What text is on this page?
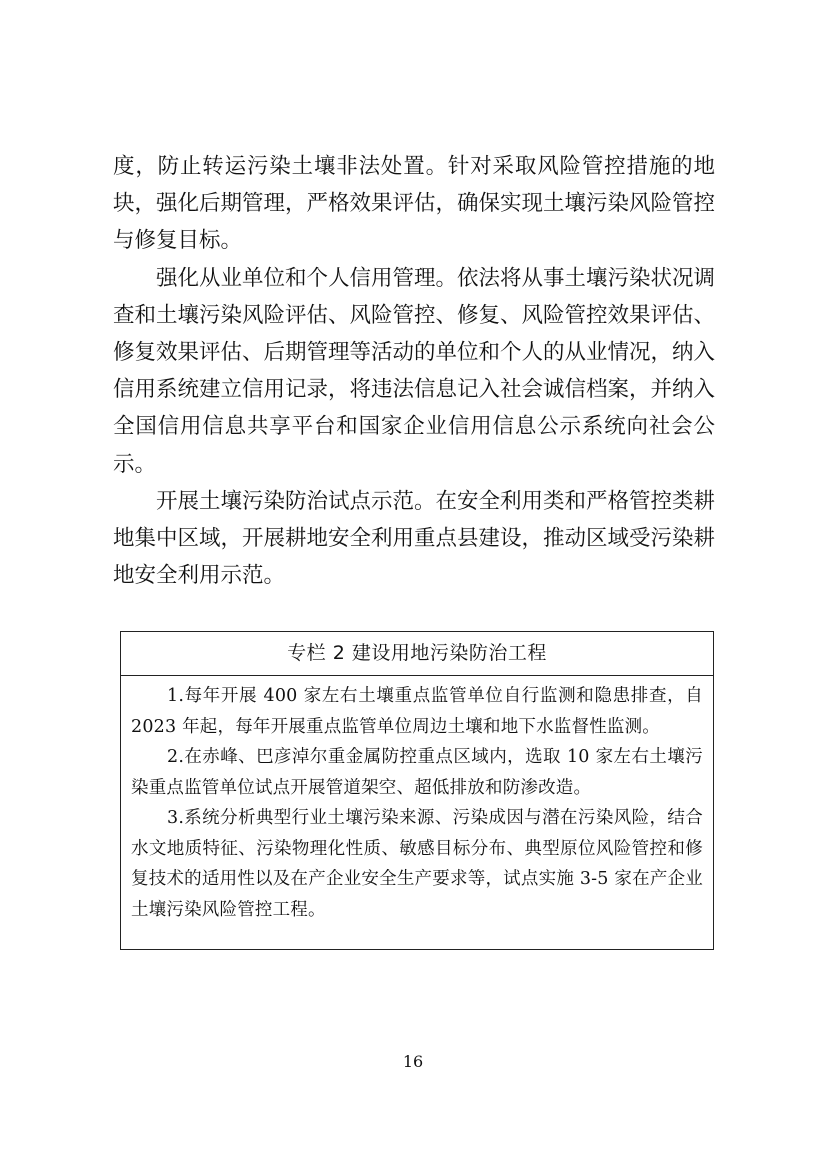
度，防止转运污染土壤非法处置。针对采取风险管控措施的地块，强化后期管理，严格效果评估，确保实现土壤污染风险管控与修复目标。

强化从业单位和个人信用管理。依法将从事土壤污染状况调查和土壤污染风险评估、风险管控、修复、风险管控效果评估、修复效果评估、后期管理等活动的单位和个人的从业情况，纳入信用系统建立信用记录，将违法信息记入社会诚信档案，并纳入全国信用信息共享平台和国家企业信用信息公示系统向社会公示。

开展土壤污染防治试点示范。在安全利用类和严格管控类耕地集中区域，开展耕地安全利用重点县建设，推动区域受污染耕地安全利用示范。

专栏 2 建设用地污染防治工程

1.每年开展 400 家左右土壤重点监管单位自行监测和隐患排查，自 2023 年起，每年开展重点监管单位周边土壤和地下水监督性监测。

2.在赤峰、巴彦淖尔重金属防控重点区域内，选取 10 家左右土壤污染重点监管单位试点开展管道架空、超低排放和防渗改造。

3.系统分析典型行业土壤污染来源、污染成因与潜在污染风险，结合水文地质特征、污染物理化性质、敏感目标分布、典型原位风险管控和修复技术的适用性以及在产企业安全生产要求等，试点实施 3-5 家在产企业土壤污染风险管控工程。

16
